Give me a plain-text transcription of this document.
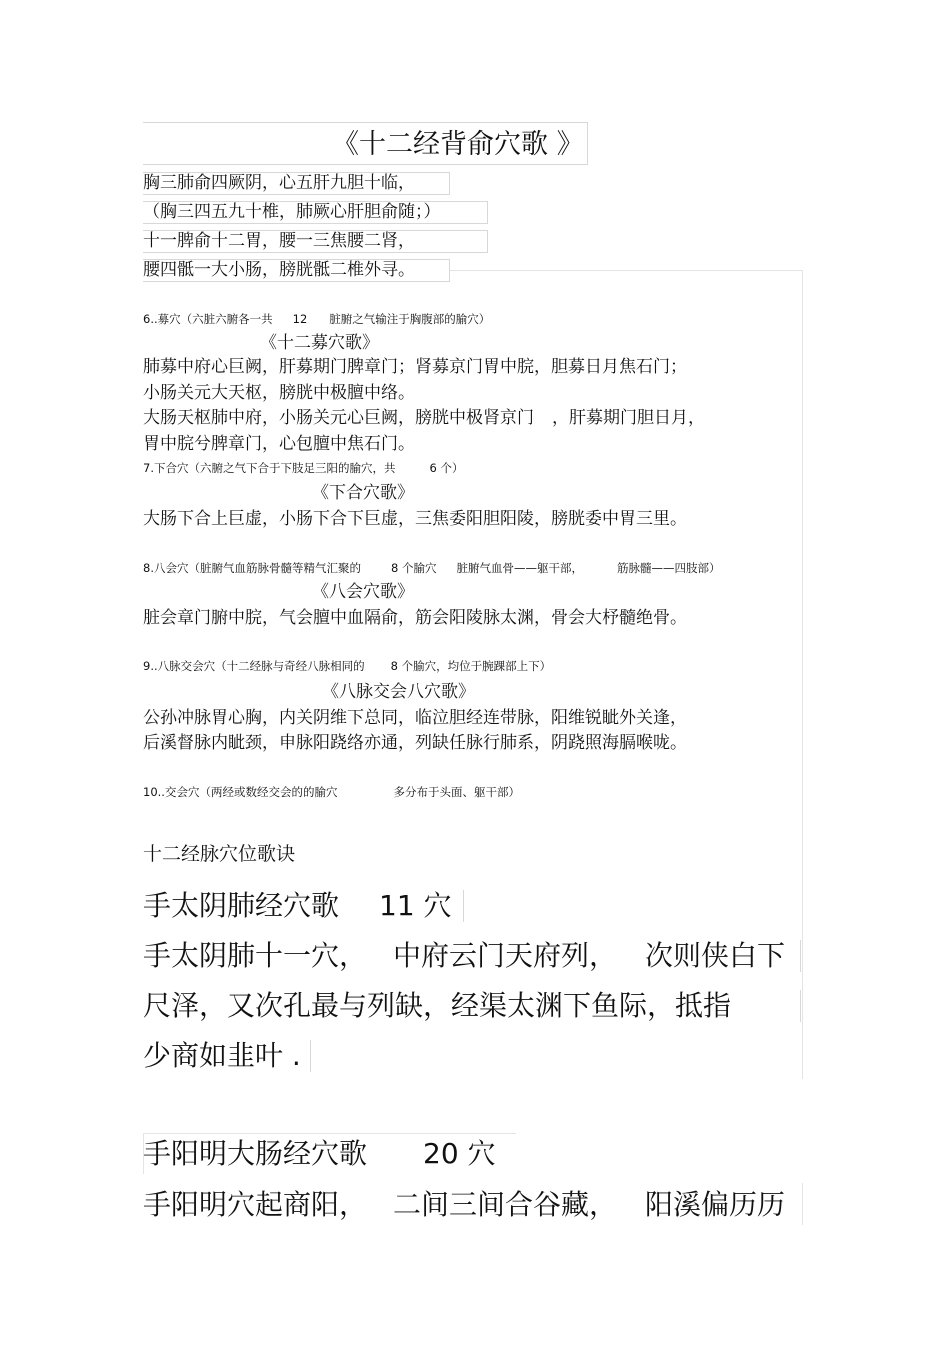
《十二经背俞穴歌 》
胸三肺俞四厥阴，心五肝九胆十临，
（胸三四五九十椎，肺厥心肝胆俞随；）
十一脾俞十二胃，腰一三焦腰二肾，
腰四骶一大小肠，膀胱骶二椎外寻。
6..募穴（六脏六腑各一共 12 脏腑之气输注于胸腹部的腧穴）
《十二募穴歌》
肺募中府心巨阙，肝募期门脾章门；肾募京门胃中脘，胆募日月焦石门；
小肠关元大天枢，膀胱中极膻中络。
大肠天枢肺中府，小肠关元心巨阙，膀胱中极肾京门 ，肝募期门胆日月，
胃中脘兮脾章门，心包膻中焦石门。
7.下合穴（六腑之气下合于下肢足三阳的腧穴，共	6 个）
《下合穴歌》
大肠下合上巨虚，小肠下合下巨虚，三焦委阳胆阳陵，膀胱委中胃三里。
8.八会穴（脏腑气血筋脉骨髓等精气汇聚的	8 个腧穴 脏腑气血骨——躯干部，	筋脉髓——四肢部）
《八会穴歌》
脏会章门腑中脘，气会膻中血隔俞，筋会阳陵脉太渊，骨会大杼髓绝骨。
9..八脉交会穴（十二经脉与奇经八脉相同的 8 个腧穴，均位于腕踝部上下）
《八脉交会八穴歌》
公孙冲脉胃心胸，内关阴维下总同，临泣胆经连带脉，阳维锐眦外关逢，
后溪督脉内眦颈，申脉阳跷络亦通，列缺任脉行肺系，阴跷照海膈喉咙。
10..交会穴（两经或数经交会的的腧穴	多分布于头面、躯干部）
十二经脉穴位歌诀
手太阴肺经穴歌 11 穴
手太阴肺十一穴， 中府云门天府列， 次则侠白下
尺泽，又次孔最与列缺，经渠太渊下鱼际，抵指
少商如韭叶 .
手阳明大肠经穴歌 20 穴
手阳明穴起商阳， 二间三间合谷藏， 阳溪偏历历
